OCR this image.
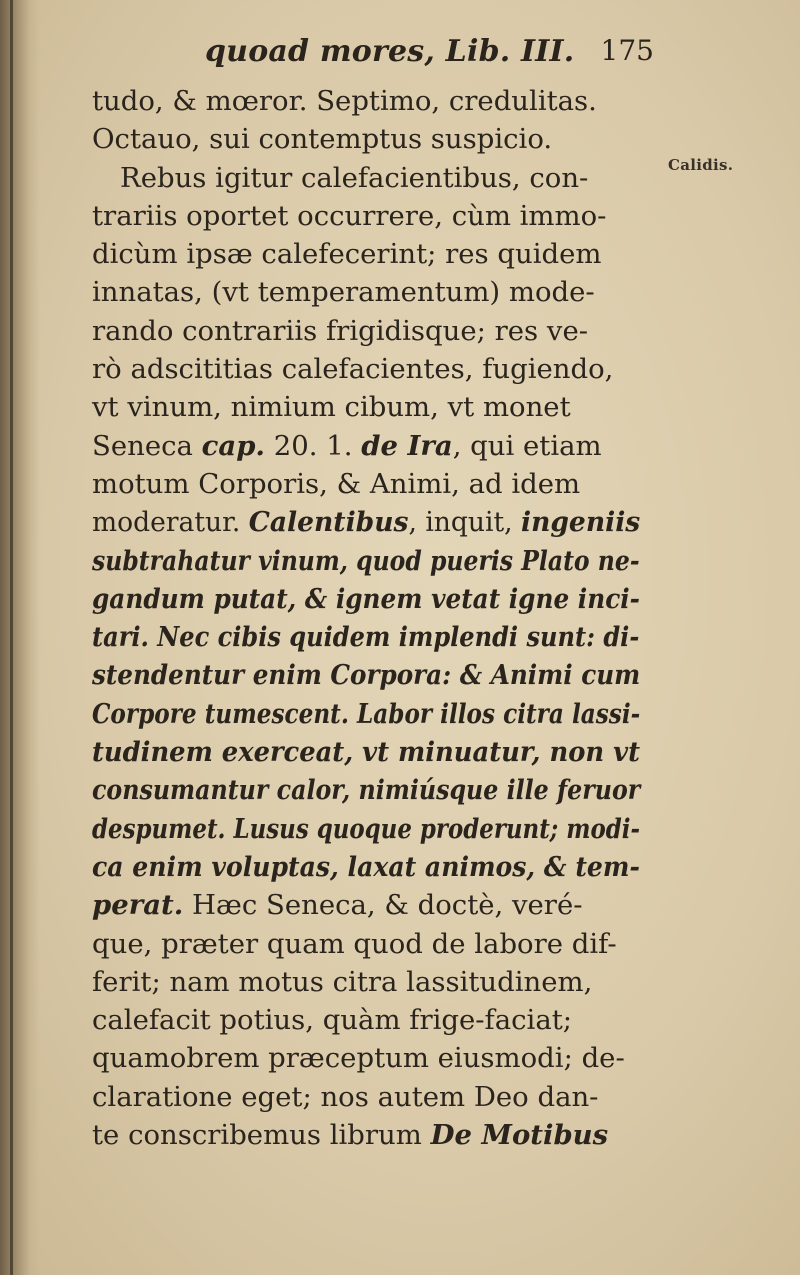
quoad mores, Lib. III. 175
Calidis.
tudo, & mœror. Septimo, credulitas.
Octauo, sui contemptus suspicio.
Rebus igitur calefacientibus, con-
trariis oportet occurrere, cùm immo-
dicùm ipsæ calefecerint; res quidem
innatas, (vt temperamentum) mode-
rando contrariis frigidisque; res ve-
rò adscititias calefacientes, fugiendo,
vt vinum, nimium cibum, vt monet
Seneca cap. 20. 1. de Ira, qui etiam
motum Corporis, & Animi, ad idem
moderatur. Calentibus, inquit, ingeniis
subtrahatur vinum, quod pueris Plato ne-
gandum putat, & ignem vetat igne inci-
tari. Nec cibis quidem implendi sunt: di-
stendentur enim Corpora: & Animi cum
Corpore tumescent. Labor illos citra lassi-
tudinem exerceat, vt minuatur, non vt
consumantur calor, nimiúsque ille feruor
despumet. Lusus quoque proderunt; modi-
ca enim voluptas, laxat animos, & tem-
perat. Hæc Seneca, & doctè, veré-
que, præter quam quod de labore dif-
ferit; nam motus citra lassitudinem,
calefacit potius, quàm frige-faciat;
quamobrem præceptum eiusmodi; de-
claratione eget; nos autem Deo dan-
te conscribemus librum De Motibus
